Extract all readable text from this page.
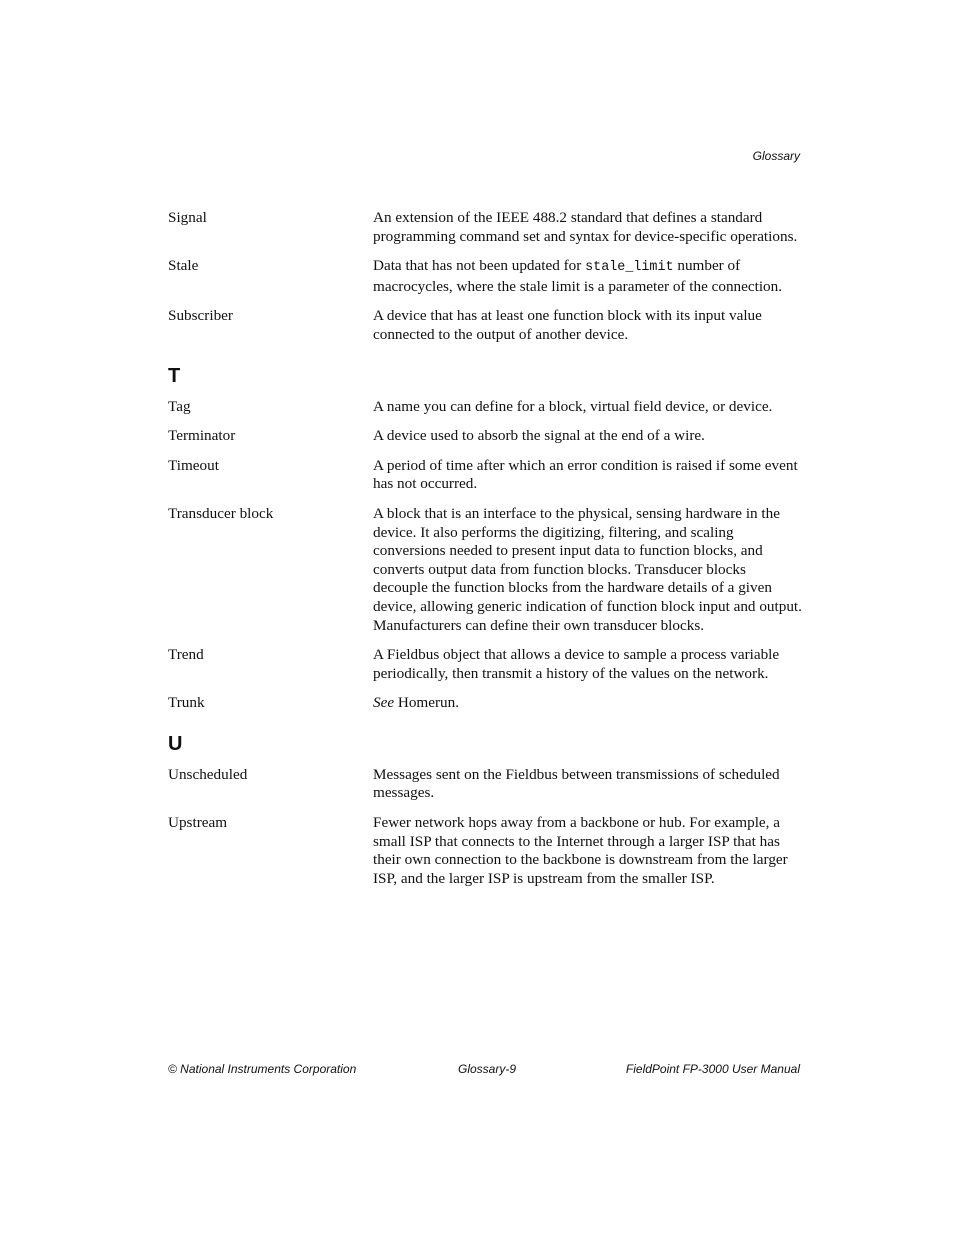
Glossary
Signal	An extension of the IEEE 488.2 standard that defines a standard programming command set and syntax for device-specific operations.
Stale	Data that has not been updated for stale_limit number of macrocycles, where the stale limit is a parameter of the connection.
Subscriber	A device that has at least one function block with its input value connected to the output of another device.
T
Tag	A name you can define for a block, virtual field device, or device.
Terminator	A device used to absorb the signal at the end of a wire.
Timeout	A period of time after which an error condition is raised if some event has not occurred.
Transducer block	A block that is an interface to the physical, sensing hardware in the device. It also performs the digitizing, filtering, and scaling conversions needed to present input data to function blocks, and converts output data from function blocks. Transducer blocks decouple the function blocks from the hardware details of a given device, allowing generic indication of function block input and output. Manufacturers can define their own transducer blocks.
Trend	A Fieldbus object that allows a device to sample a process variable periodically, then transmit a history of the values on the network.
Trunk	See Homerun.
U
Unscheduled	Messages sent on the Fieldbus between transmissions of scheduled messages.
Upstream	Fewer network hops away from a backbone or hub. For example, a small ISP that connects to the Internet through a larger ISP that has their own connection to the backbone is downstream from the larger ISP, and the larger ISP is upstream from the smaller ISP.
© National Instruments Corporation	Glossary-9	FieldPoint FP-3000 User Manual
